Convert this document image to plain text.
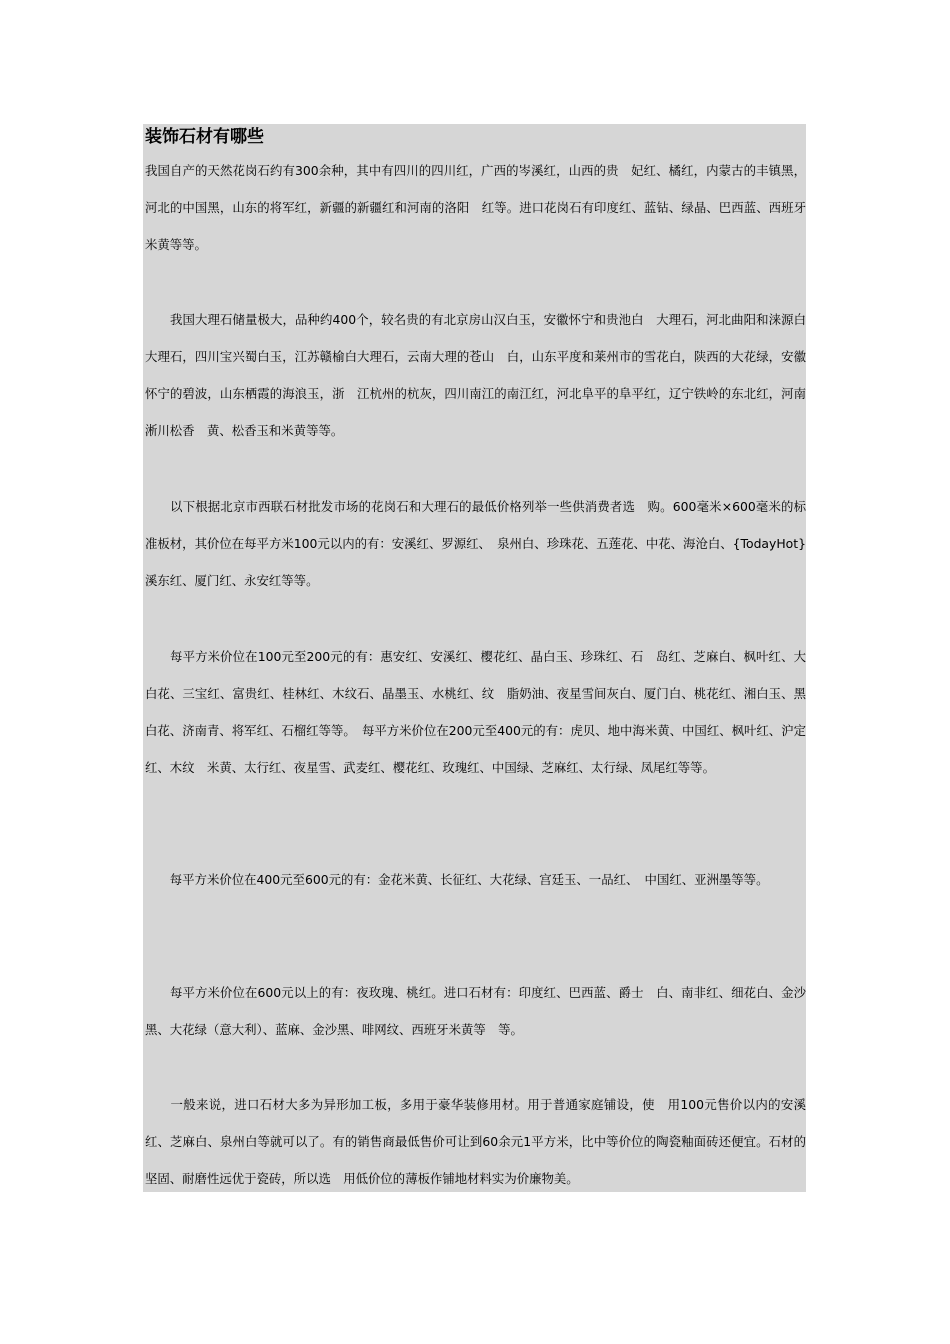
装饰石材有哪些

我国自产的天然花岗石约有300余种，其中有四川的四川红，广西的岑溪红，山西的贵　妃红、橘红，内蒙古的丰镇黑，河北的中国黑，山东的将军红，新疆的新疆红和河南的洛阳　红等。进口花岗石有印度红、蓝钻、绿晶、巴西蓝、西班牙米黄等等。

　　我国大理石储量极大，品种约400个，较名贵的有北京房山汉白玉，安徽怀宁和贵池白　大理石，河北曲阳和涞源白大理石，四川宝兴蜀白玉，江苏赣榆白大理石，云南大理的苍山　白，山东平度和莱州市的雪花白，陕西的大花绿，安徽怀宁的碧波，山东栖霞的海浪玉，浙　江杭州的杭灰，四川南江的南江红，河北阜平的阜平红，辽宁铁岭的东北红，河南淅川松香　黄、松香玉和米黄等等。

　　以下根据北京市西联石材批发市场的花岗石和大理石的最低价格列举一些供消费者选　购。600毫米×600毫米的标准板材，其价位在每平方米100元以内的有：安溪红、罗源红、　泉州白、珍珠花、五莲花、中花、海沧白、{TodayHot}溪东红、厦门红、永安红等等。

　　每平方米价位在100元至200元的有：惠安红、安溪红、樱花红、晶白玉、珍珠红、石　岛红、芝麻白、枫叶红、大白花、三宝红、富贵红、桂林红、木纹石、晶墨玉、水桃红、纹　脂奶油、夜星雪间灰白、厦门白、桃花红、湘白玉、黑白花、济南青、将军红、石榴红等等。　每平方米价位在200元至400元的有：虎贝、地中海米黄、中国红、枫叶红、沪定红、木纹　米黄、太行红、夜星雪、武麦红、樱花红、玫瑰红、中国绿、芝麻红、太行绿、凤尾红等等。

　　每平方米价位在400元至600元的有：金花米黄、长征红、大花绿、宫廷玉、一品红、　中国红、亚洲墨等等。

　　每平方米价位在600元以上的有：夜玫瑰、桃红。进口石材有：印度红、巴西蓝、爵士　白、南非红、细花白、金沙黑、大花绿（意大利）、蓝麻、金沙黑、啡网纹、西班牙米黄等　等。

　　一般来说，进口石材大多为异形加工板，多用于豪华装修用材。用于普通家庭铺设，使　用100元售价以内的安溪红、芝麻白、泉州白等就可以了。有的销售商最低售价可让到60余元1平方米，比中等价位的陶瓷釉面砖还便宜。石材的坚固、耐磨性远优于瓷砖，所以选　用低价位的薄板作铺地材料实为价廉物美。
